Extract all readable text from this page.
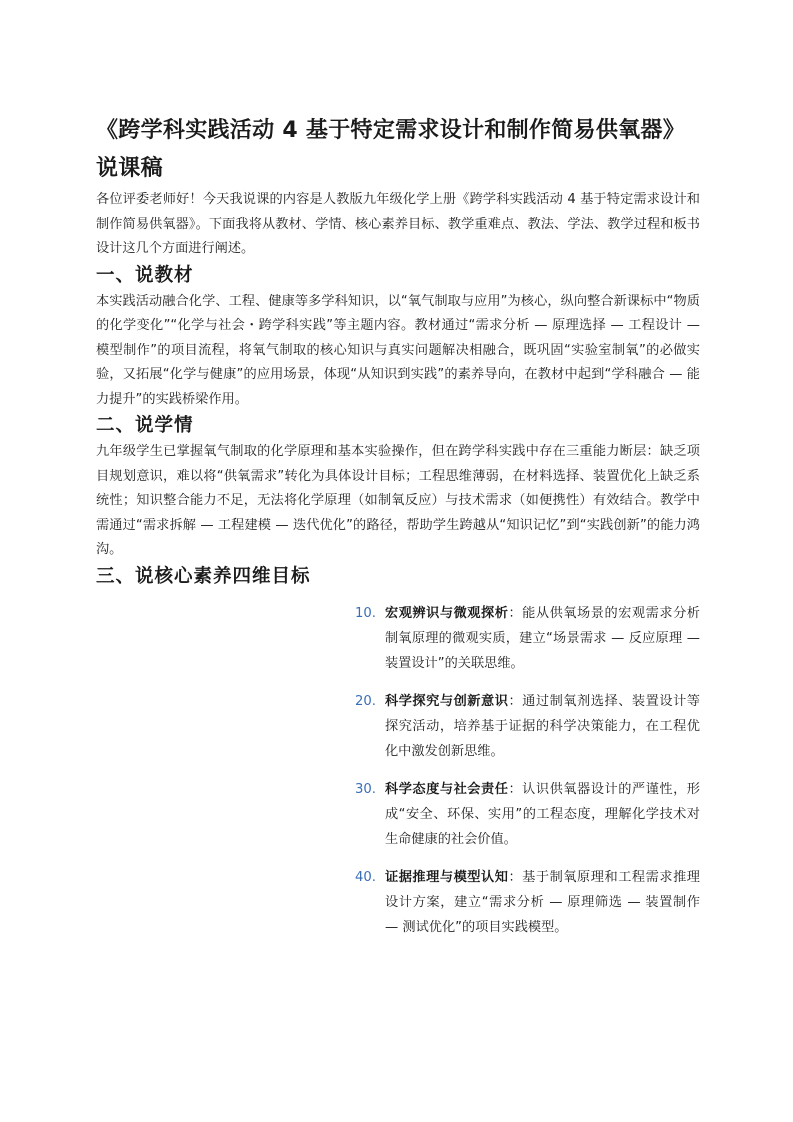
《跨学科实践活动 4 基于特定需求设计和制作简易供氧器》说课稿

各位评委老师好！今天我说课的内容是人教版九年级化学上册《跨学科实践活动 4 基于特定需求设计和制作简易供氧器》。下面我将从教材、学情、核心素养目标、教学重难点、教法、学法、教学过程和板书设计这几个方面进行阐述。

一、说教材

本实践活动融合化学、工程、健康等多学科知识，以“氧气制取与应用”为核心，纵向整合新课标中“物质的化学变化”“化学与社会・跨学科实践”等主题内容。教材通过“需求分析 — 原理选择 — 工程设计 — 模型制作”的项目流程，将氧气制取的核心知识与真实问题解决相融合，既巩固“实验室制氧”的必做实验，又拓展“化学与健康”的应用场景，体现“从知识到实践”的素养导向，在教材中起到“学科融合 — 能力提升”的实践桥梁作用。

二、说学情

九年级学生已掌握氧气制取的化学原理和基本实验操作，但在跨学科实践中存在三重能力断层：缺乏项目规划意识，难以将“供氧需求”转化为具体设计目标；工程思维薄弱，在材料选择、装置优化上缺乏系统性；知识整合能力不足，无法将化学原理（如制氧反应）与技术需求（如便携性）有效结合。教学中需通过“需求拆解 — 工程建模 — 迭代优化”的路径，帮助学生跨越从“知识记忆”到“实践创新”的能力鸿沟。

三、说核心素养四维目标
10. 宏观辨识与微观探析：能从供氧场景的宏观需求分析制氧原理的微观实质，建立“场景需求 — 反应原理 — 装置设计”的关联思维。
20. 科学探究与创新意识：通过制氧剂选择、装置设计等探究活动，培养基于证据的科学决策能力，在工程优化中激发创新思维。
30. 科学态度与社会责任：认识供氧器设计的严谨性，形成“安全、环保、实用”的工程态度，理解化学技术对生命健康的社会价值。
40. 证据推理与模型认知：基于制氧原理和工程需求推理设计方案，建立“需求分析 — 原理筛选 — 装置制作 — 测试优化”的项目实践模型。
